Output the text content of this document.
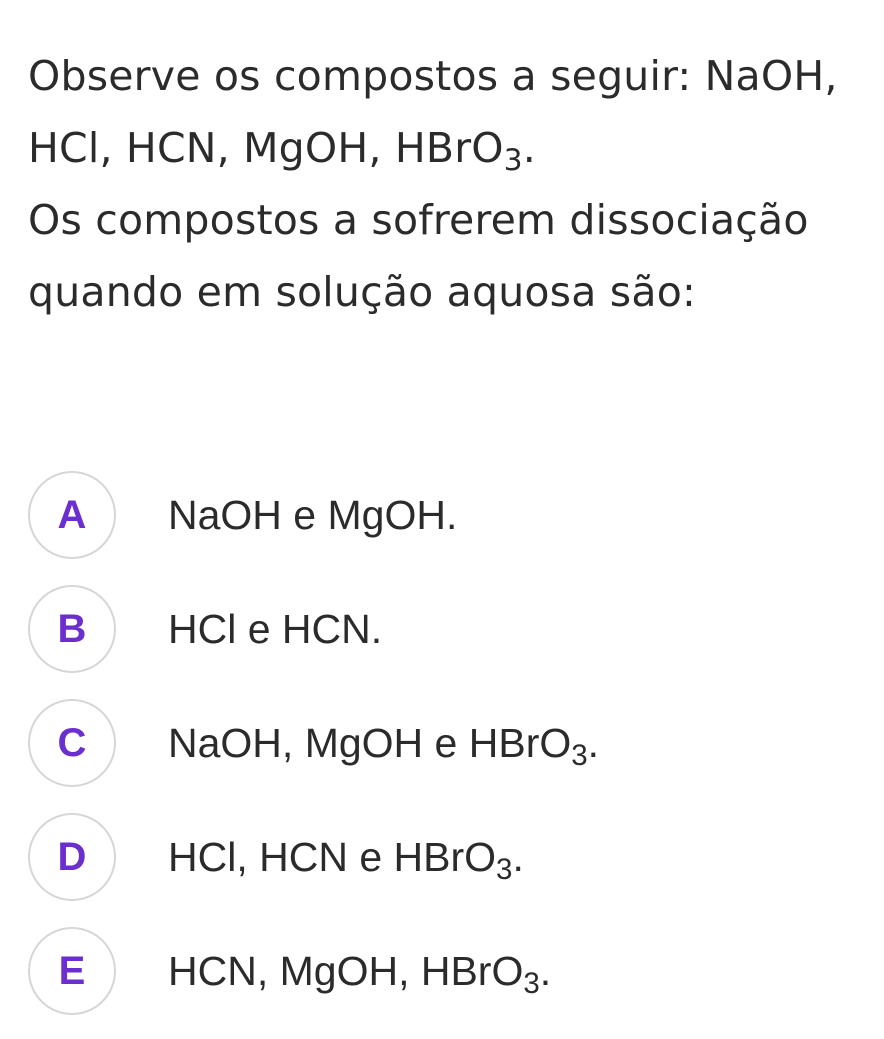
Observe os compostos a seguir: NaOH, HCl, HCN, MgOH, HBrO$_3$.

Os compostos a sofrerem dissociação quando em solução aquosa são:

A NaOH e MgOH.
B HCl e HCN.
C NaOH, MgOH e HBrO$_3$.
D HCl, HCN e HBrO$_3$.
E HCN, MgOH, HBrO$_3$.
